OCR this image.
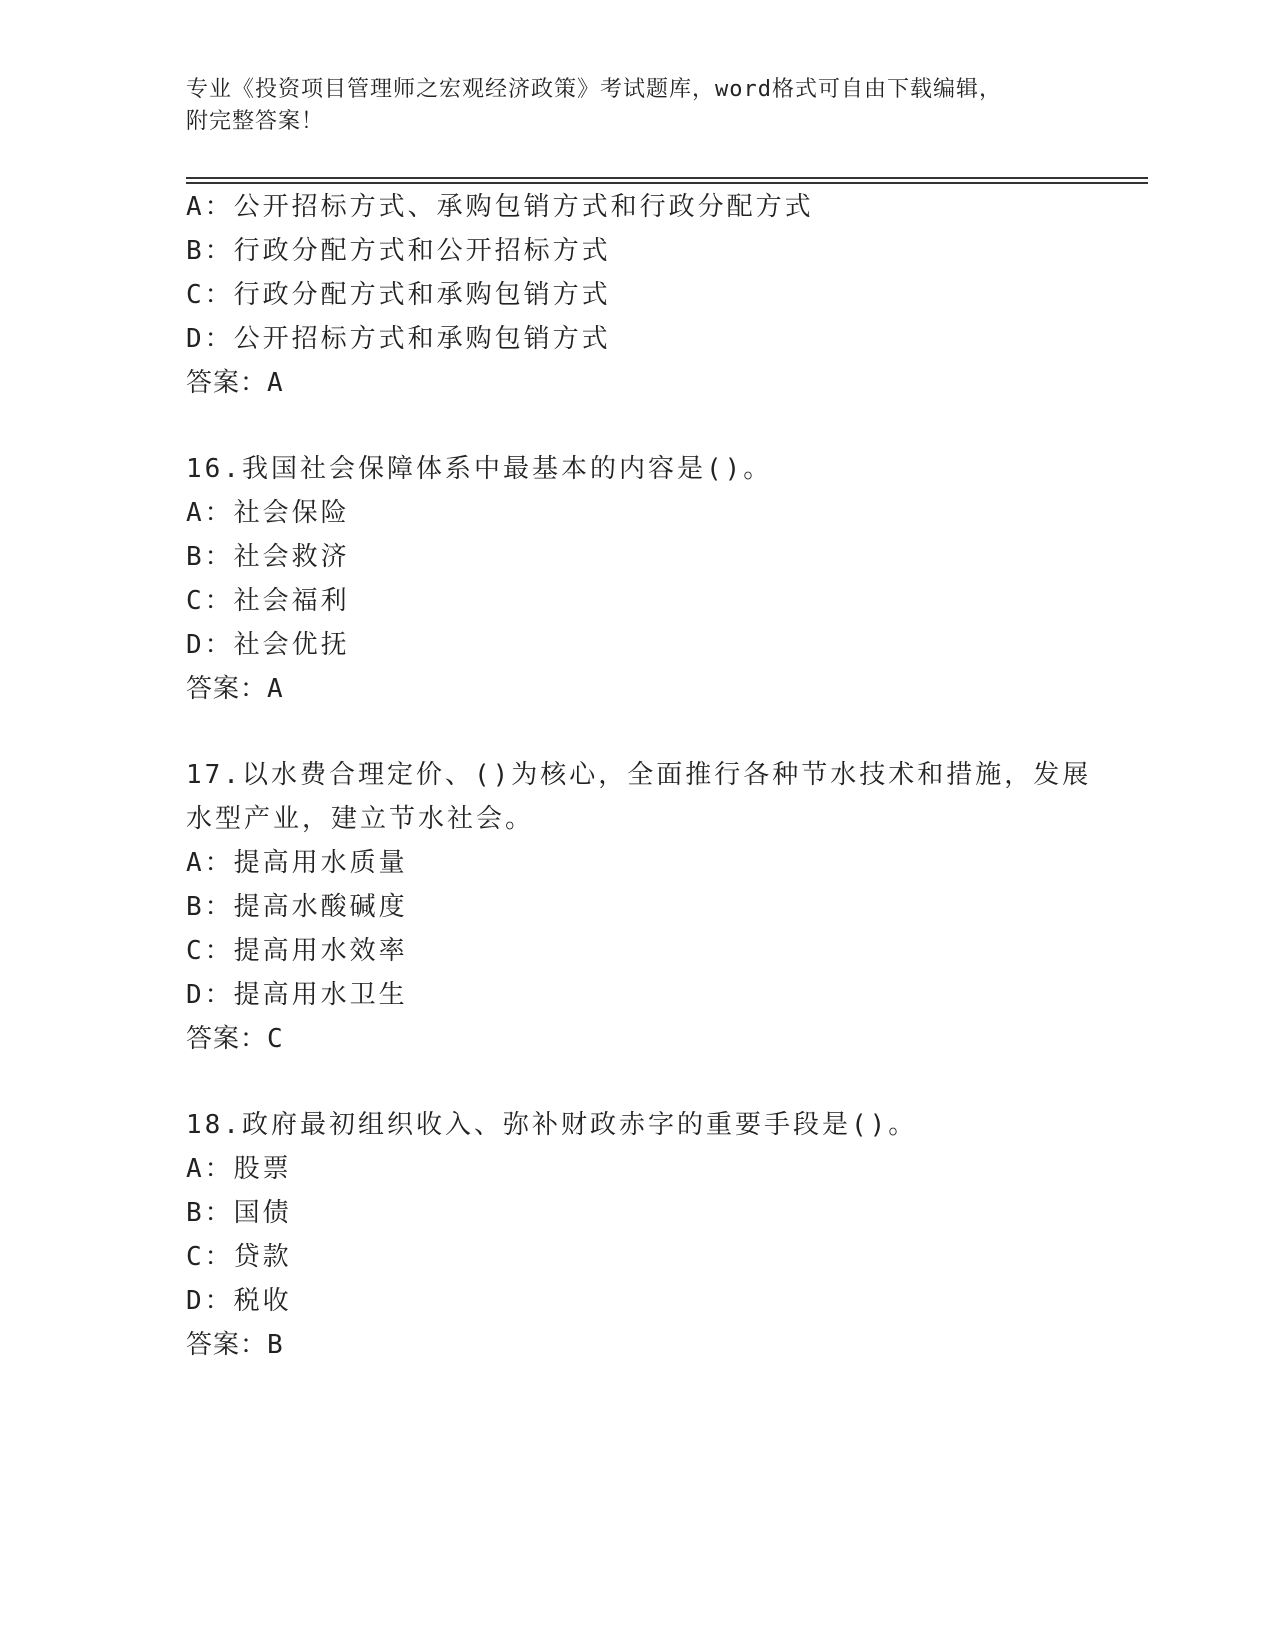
专业《投资项目管理师之宏观经济政策》考试题库，word格式可自由下载编辑，
附完整答案！
A：公开招标方式、承购包销方式和行政分配方式
B：行政分配方式和公开招标方式
C：行政分配方式和承购包销方式
D：公开招标方式和承购包销方式
答案：A
16.我国社会保障体系中最基本的内容是()。
A：社会保险
B：社会救济
C：社会福利
D：社会优抚
答案：A
17.以水费合理定价、()为核心，全面推行各种节水技术和措施，发展
水型产业，建立节水社会。
A：提高用水质量
B：提高水酸碱度
C：提高用水效率
D：提高用水卫生
答案：C
18.政府最初组织收入、弥补财政赤字的重要手段是()。
A：股票
B：国债
C：贷款
D：税收
答案：B
